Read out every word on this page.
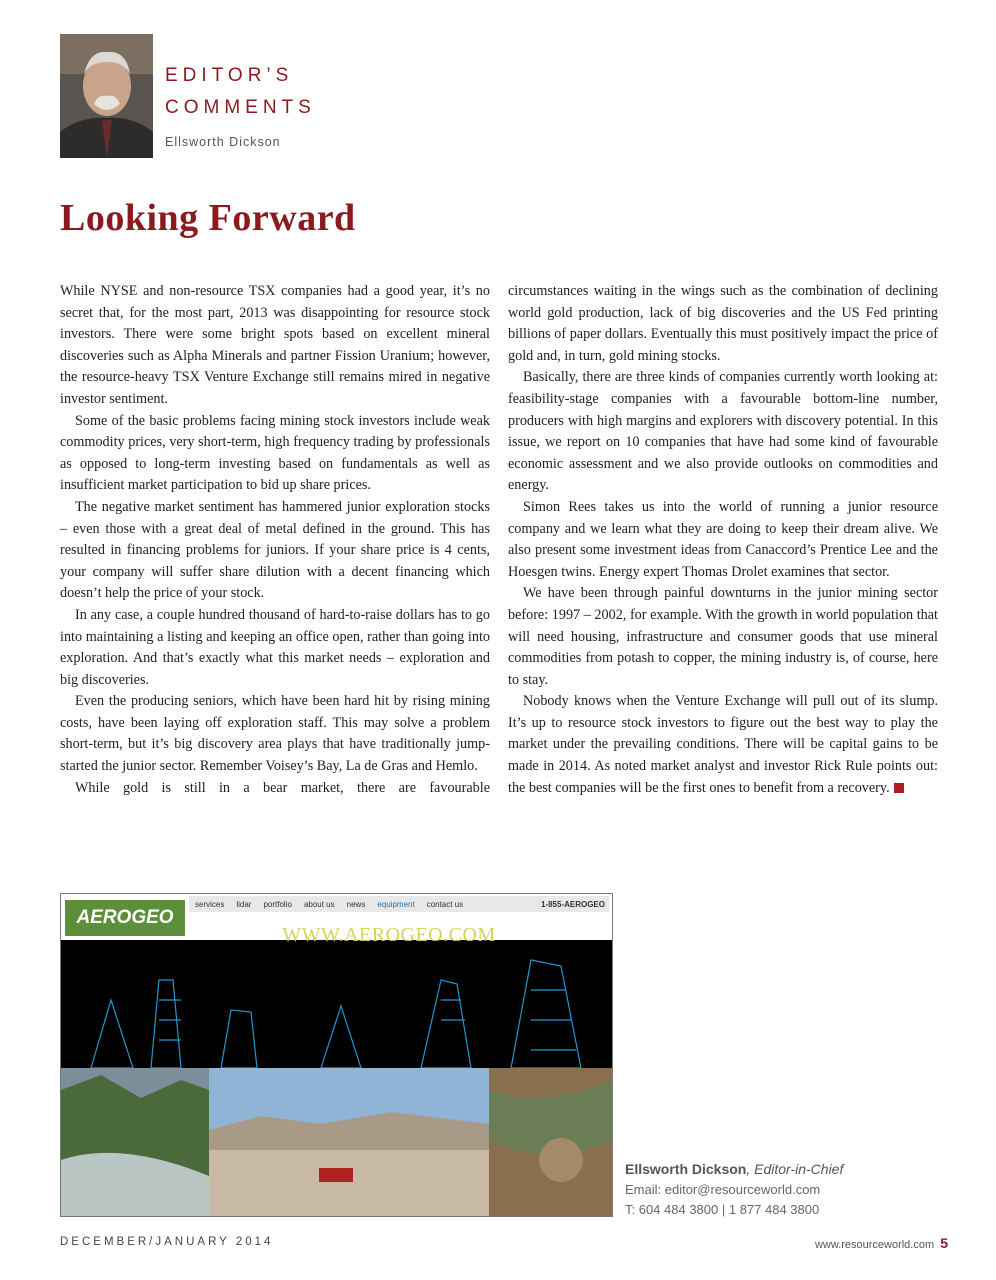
EDITOR’S
COMMENTS
Ellsworth Dickson
Looking Forward

While NYSE and non-resource TSX companies had a good year, it’s no secret that, for the most part, 2013 was disappointing for resource stock investors. There were some bright spots based on excellent mineral discoveries such as Alpha Minerals and partner Fission Uranium; however, the resource-heavy TSX Venture Exchange still remains mired in negative investor sentiment.

Some of the basic problems facing mining stock investors include weak commodity prices, very short-term, high frequency trading by professionals as opposed to long-term investing based on fundamentals as well as insufficient market participation to bid up share prices.

The negative market sentiment has hammered junior exploration stocks – even those with a great deal of metal defined in the ground. This has resulted in financing problems for juniors. If your share price is 4 cents, your company will suffer share dilution with a decent financing which doesn’t help the price of your stock.

In any case, a couple hundred thousand of hard-to-raise dollars has to go into maintaining a listing and keeping an office open, rather than going into exploration. And that’s exactly what this market needs – exploration and big discoveries.

Even the producing seniors, which have been hard hit by rising mining costs, have been laying off exploration staff. This may solve a problem short-term, but it’s big discovery area plays that have traditionally jump-started the junior sector. Remember Voisey’s Bay, La de Gras and Hemlo.

While gold is still in a bear market, there are favourable

circumstances waiting in the wings such as the combination of declining world gold production, lack of big discoveries and the US Fed printing billions of paper dollars. Eventually this must positively impact the price of gold and, in turn, gold mining stocks.

Basically, there are three kinds of companies currently worth looking at: feasibility-stage companies with a favourable bottom-line number, producers with high margins and explorers with discovery potential. In this issue, we report on 10 companies that have had some kind of favourable economic assessment and we also provide outlooks on commodities and energy.

Simon Rees takes us into the world of running a junior resource company and we learn what they are doing to keep their dream alive. We also present some investment ideas from Canaccord’s Prentice Lee and the Hoesgen twins. Energy expert Thomas Drolet examines that sector.

We have been through painful downturns in the junior mining sector before: 1997 – 2002, for example. With the growth in world population that will need housing, infrastructure and consumer goods that use mineral commodities from potash to copper, the mining industry is, of course, here to stay.

Nobody knows when the Venture Exchange will pull out of its slump. It’s up to resource stock investors to figure out the best way to play the market under the prevailing conditions. There will be capital gains to be made in 2014. As noted market analyst and investor Rick Rule points out: the best companies will be the first ones to benefit from a recovery.

AEROGEO
services lidar portfolio about us news equipment contact us	1-855-AEROGEO
WWW.AEROGEO.COM
Ellsworth Dickson, Editor-in-Chief
Email: editor@resourceworld.com
T: 604 484 3800 | 1 877 484 3800
DECEMBER/JANUARY 2014	www.resourceworld.com 5
